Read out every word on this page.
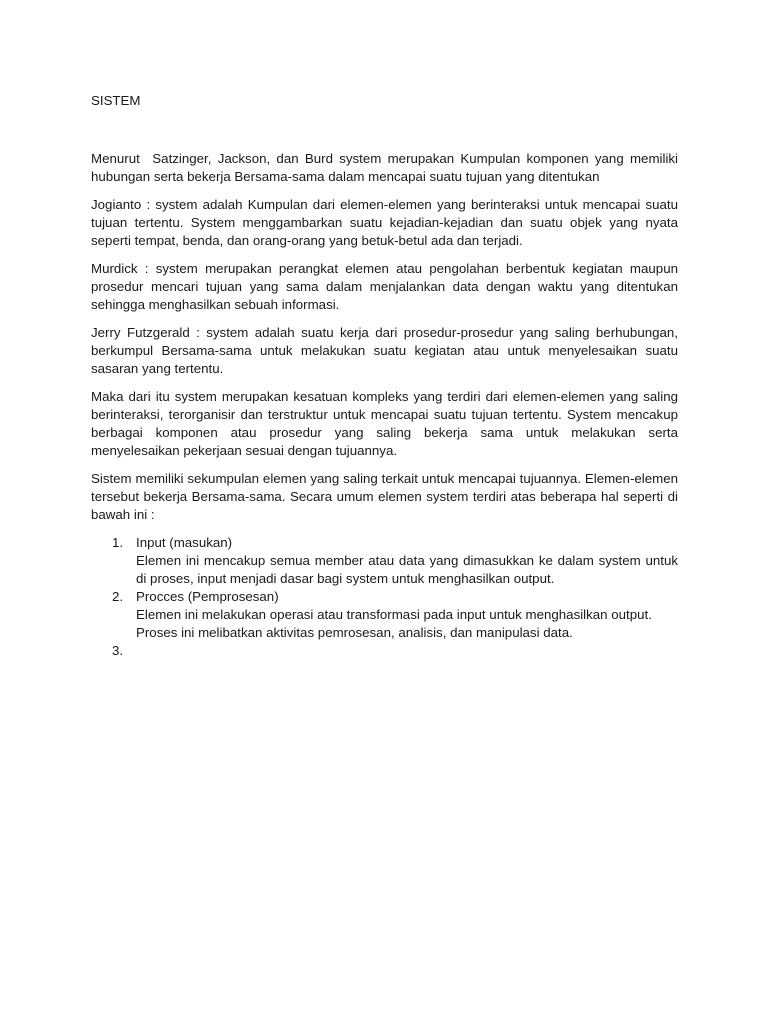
SISTEM

Menurut  Satzinger, Jackson, dan Burd system merupakan Kumpulan komponen yang memiliki hubungan serta bekerja Bersama-sama dalam mencapai suatu tujuan yang ditentukan

Jogianto : system adalah Kumpulan dari elemen-elemen yang berinteraksi untuk mencapai suatu tujuan tertentu. System menggambarkan suatu kejadian-kejadian dan suatu objek yang nyata seperti tempat, benda, dan orang-orang yang betuk-betul ada dan terjadi.

Murdick : system merupakan perangkat elemen atau pengolahan berbentuk kegiatan maupun prosedur mencari tujuan yang sama dalam menjalankan data dengan waktu yang ditentukan sehingga menghasilkan sebuah informasi.

Jerry Futzgerald : system adalah suatu kerja dari prosedur-prosedur yang saling berhubungan, berkumpul Bersama-sama untuk melakukan suatu kegiatan atau untuk menyelesaikan suatu sasaran yang tertentu.

Maka dari itu system merupakan kesatuan kompleks yang terdiri dari elemen-elemen yang saling berinteraksi, terorganisir dan terstruktur untuk mencapai suatu tujuan tertentu. System mencakup berbagai komponen atau prosedur yang saling bekerja sama untuk melakukan serta menyelesaikan pekerjaan sesuai dengan tujuannya.

Sistem memiliki sekumpulan elemen yang saling terkait untuk mencapai tujuannya. Elemen-elemen tersebut bekerja Bersama-sama. Secara umum elemen system terdiri atas beberapa hal seperti di bawah ini :

1. Input (masukan)
Elemen ini mencakup semua member atau data yang dimasukkan ke dalam system untuk di proses, input menjadi dasar bagi system untuk menghasilkan output.
2. Procces (Pemprosesan)
Elemen ini melakukan operasi atau transformasi pada input untuk menghasilkan output. Proses ini melibatkan aktivitas pemrosesan, analisis, dan manipulasi data.
3.
